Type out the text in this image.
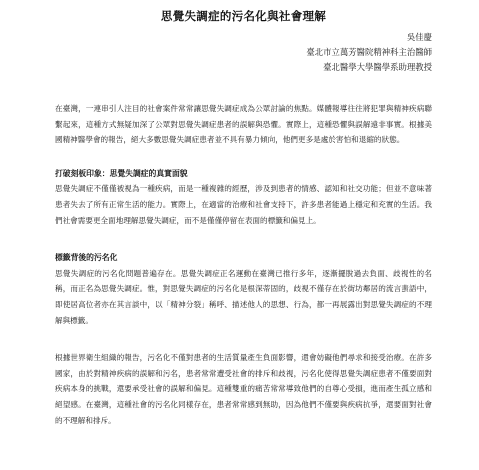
思覺失調症的污名化與社會理解
吳佳慶
臺北市立萬芳醫院精神科主治醫師
臺北醫學大學醫學系助理教授

在臺灣，一連串引人注目的社會案件常常讓思覺失調症成為公眾討論的焦點。媒體報導往往將犯罪與精神疾病聯繫起來，這種方式無疑加深了公眾對思覺失調症患者的誤解與恐懼。實際上，這種恐懼與誤解遠非事實。根據美國精神醫學會的報告，絕大多數思覺失調症患者並不具有暴力傾向，他們更多是處於害怕和退縮的狀態。

打破刻板印象：思覺失調症的真實面貌

思覺失調症不僅僅被視為一種疾病，而是一種複雜的經歷，涉及到患者的情感、認知和社交功能；但並不意味著患者失去了所有正常生活的能力。實際上，在適當的治療和社會支持下，許多患者能過上穩定和充實的生活。我們社會需要更全面地理解思覺失調症，而不是僅僅停留在表面的標籤和偏見上。

標籤背後的污名化

思覺失調症的污名化問題普遍存在。思覺失調症正名運動在臺灣已推行多年，逐漸擺脫過去負面、歧視性的名稱，而正名為思覺失調症。惟，對思覺失調症的污名化是根深蒂固的，歧視不僅存在於街坊鄰居的流言蜚語中，即使居高位者亦在其言談中，以「精神分裂」稱呼、描述他人的思想、行為，都一再展露出對思覺失調症的不理解與標籤。

根據世界衛生組織的報告，污名化不僅對患者的生活質量產生負面影響，還會妨礙他們尋求和接受治療。在許多國家，由於對精神疾病的誤解和污名，患者常常遭受社會的排斥和歧視，污名化使得思覺失調症患者不僅要面對疾病本身的挑戰，還要承受社會的誤解和偏見。這種雙重的痛苦常常導致他們的自尊心受損，進而產生孤立感和絕望感。在臺灣，這種社會的污名化同樣存在，患者常常感到無助，因為他們不僅要與疾病抗爭，還要面對社會的不理解和排斥。
